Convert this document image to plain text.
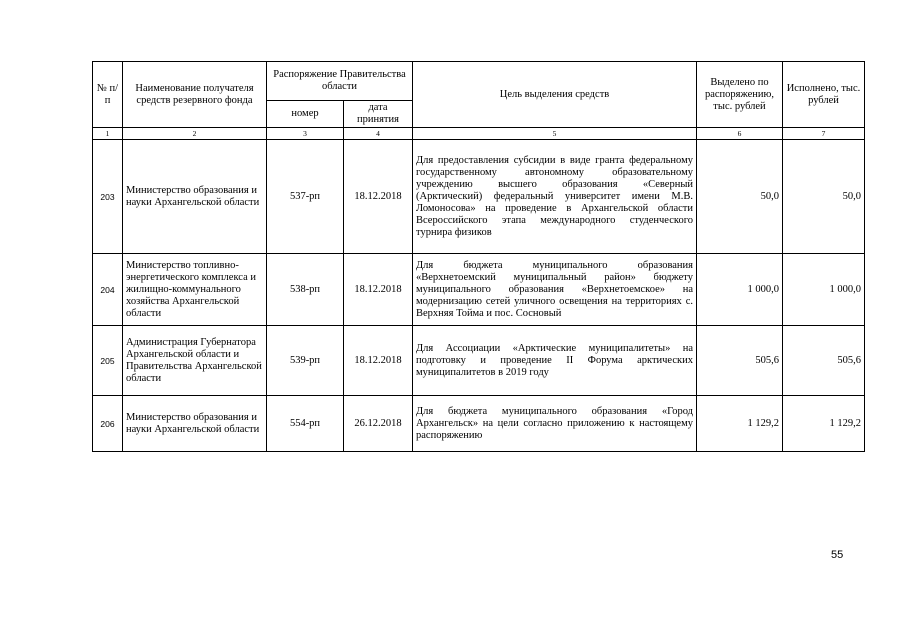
№ п/п	Наименование получателя средств резервного фонда	Распоряжение Правительства области		Цель выделения средств	Выделено по распоряжению, тыс. рублей	Исполнено, тыс. рублей
		номер	дата принятия			
1	2	3	4	5	6	7
203	Министерство образования и науки Архангельской области	537-рп	18.12.2018	Для предоставления субсидии в виде гранта федеральному государственному автономному образовательному учреждению высшего образования «Северный (Арктический) федеральный университет имени М.В. Ломоносова» на проведение в Архангельской области Всероссийского этапа международного студенческого турнира физиков	50,0	50,0
204	Министерство топливно-энергетического комплекса и жилищно-коммунального хозяйства Архангельской области	538-рп	18.12.2018	Для бюджета муниципального образования «Верхнетоемский муниципальный район» бюджету муниципального образования «Верхнетоемское» на модернизацию сетей уличного освещения на территориях с. Верхняя Тойма и пос. Сосновый	1 000,0	1 000,0
205	Администрация Губернатора Архангельской области и Правительства Архангельской области	539-рп	18.12.2018	Для Ассоциации «Арктические муниципалитеты» на подготовку и проведение II Форума арктических муниципалитетов в 2019 году	505,6	505,6
206	Министерство образования и науки Архангельской области	554-рп	26.12.2018	Для бюджета муниципального образования «Город Архангельск» на цели согласно приложению к настоящему распоряжению	1 129,2	1 129,2
55
